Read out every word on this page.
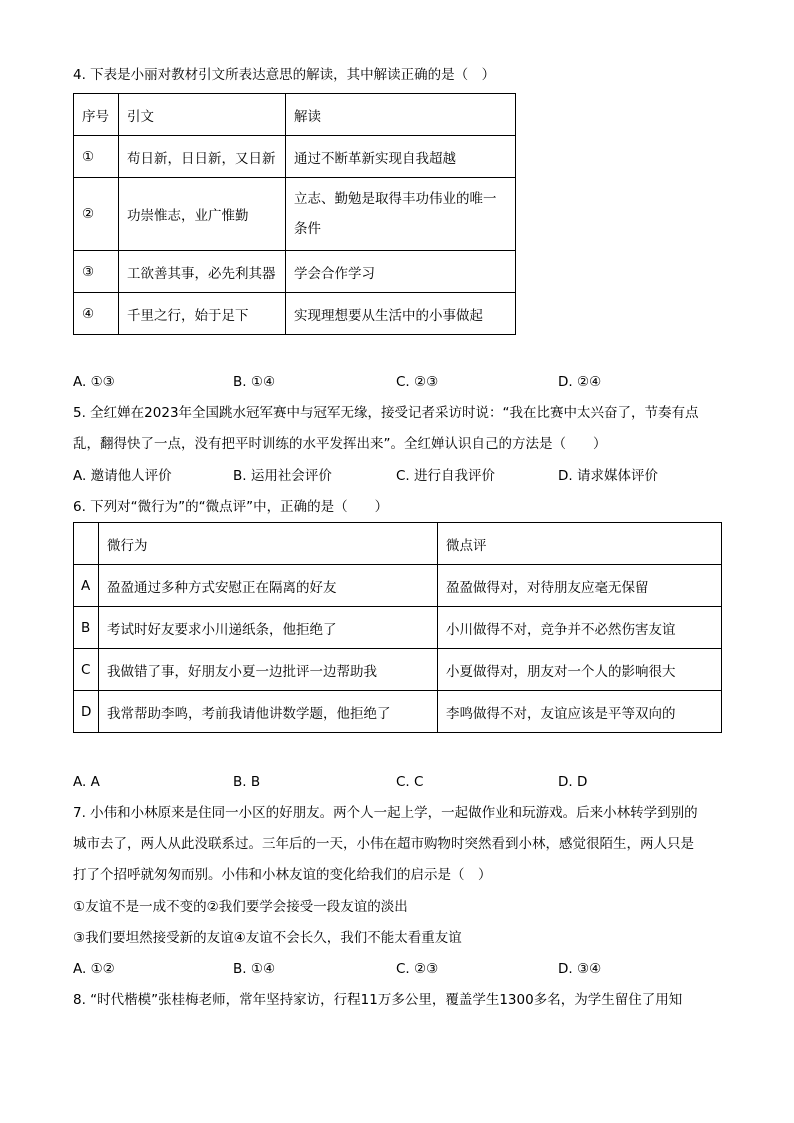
4. 下表是小丽对教材引文所表达意思的解读，其中解读正确的是（　）
序号	引文	解读
①	苟日新，日日新，又日新	通过不断革新实现自我超越
②	功崇惟志，业广惟勤	立志、勤勉是取得丰功伟业的唯一条件
③	工欲善其事，必先利其器	学会合作学习
④	千里之行，始于足下	实现理想要从生活中的小事做起
A. ①③	B. ①④	C. ②③	D. ②④
5. 全红婵在2023年全国跳水冠军赛中与冠军无缘，接受记者采访时说：“我在比赛中太兴奋了，节奏有点
乱，翻得快了一点，没有把平时训练的水平发挥出来”。全红婵认识自己的方法是（　　）
A. 邀请他人评价	B. 运用社会评价	C. 进行自我评价	D. 请求媒体评价
6. 下列对“微行为”的“微点评”中，正确的是（　　）
	微行为	微点评
A	盈盈通过多种方式安慰正在隔离的好友	盈盈做得对，对待朋友应毫无保留
B	考试时好友要求小川递纸条，他拒绝了	小川做得不对，竞争并不必然伤害友谊
C	我做错了事，好朋友小夏一边批评一边帮助我	小夏做得对，朋友对一个人的影响很大
D	我常帮助李鸣，考前我请他讲数学题，他拒绝了	李鸣做得不对，友谊应该是平等双向的
A. A	B. B	C. C	D. D
7. 小伟和小林原来是住同一小区的好朋友。两个人一起上学，一起做作业和玩游戏。后来小林转学到别的
城市去了，两人从此没联系过。三年后的一天，小伟在超市购物时突然看到小林，感觉很陌生，两人只是
打了个招呼就匆匆而别。小伟和小林友谊的变化给我们的启示是（　）
①友谊不是一成不变的②我们要学会接受一段友谊的淡出
③我们要坦然接受新的友谊④友谊不会长久，我们不能太看重友谊
A. ①②	B. ①④	C. ②③	D. ③④
8. “时代楷模”张桂梅老师，常年坚持家访，行程11万多公里，覆盖学生1300多名，为学生留住了用知
